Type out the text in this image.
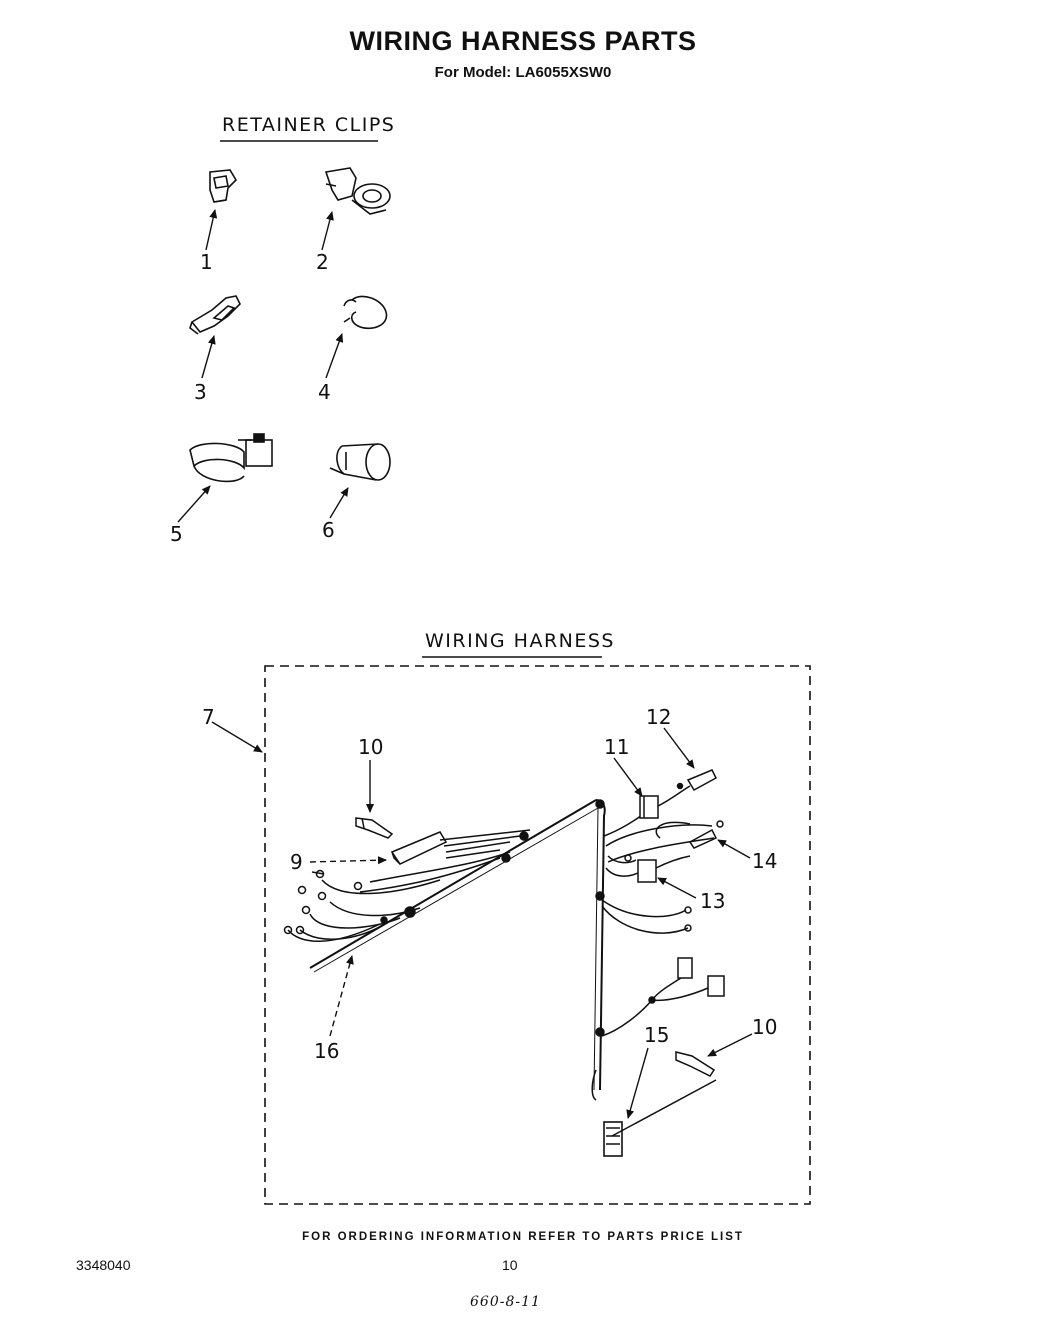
WIRING HARNESS PARTS
For Model: LA6055XSW0
RETAINER CLIPS
WIRING HARNESS
1	2
3	4
5	6
7
9
10	11
12
13
14
15	10
16
FOR ORDERING INFORMATION REFER TO PARTS PRICE LIST
3348040	10
660-8-11
